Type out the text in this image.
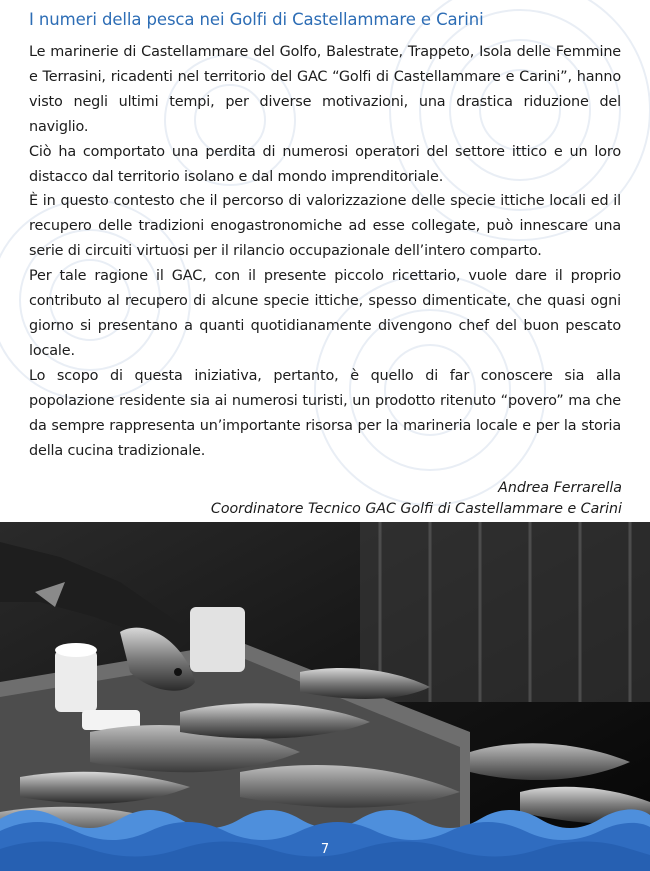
I numeri della pesca nei Golfi di Castellammare e Carini

Le marinerie di Castellammare del Golfo, Balestrate, Trappeto, Isola delle Femmine e Terrasini, ricadenti nel territorio del GAC “Golfi di Castellammare e Carini”, hanno visto negli ultimi tempi, per diverse motivazioni, una drastica riduzione del naviglio.

Ciò ha comportato una perdita di numerosi operatori del settore ittico e un loro distacco dal territorio isolano e dal mondo imprenditoriale.

È in questo contesto che il percorso di valorizzazione delle specie ittiche locali ed il recupero delle tradizioni enogastronomiche ad esse collegate, può innescare una serie di circuiti virtuosi per il rilancio occupazionale dell’intero comparto.

Per tale ragione il GAC, con il presente piccolo ricettario, vuole dare il proprio contributo al recupero di alcune specie ittiche, spesso dimenticate, che quasi ogni giorno si presentano a quanti quotidianamente divengono chef del buon pescato locale.

Lo scopo di questa iniziativa, pertanto, è quello di far conoscere sia alla popolazione residente sia ai numerosi turisti, un prodotto ritenuto “povero” ma che da sempre rappresenta un’importante risorsa per la marineria locale e per la storia della cucina tradizionale.

Andrea Ferrarella
Coordinatore Tecnico GAC Golfi di Castellammare e Carini
7
